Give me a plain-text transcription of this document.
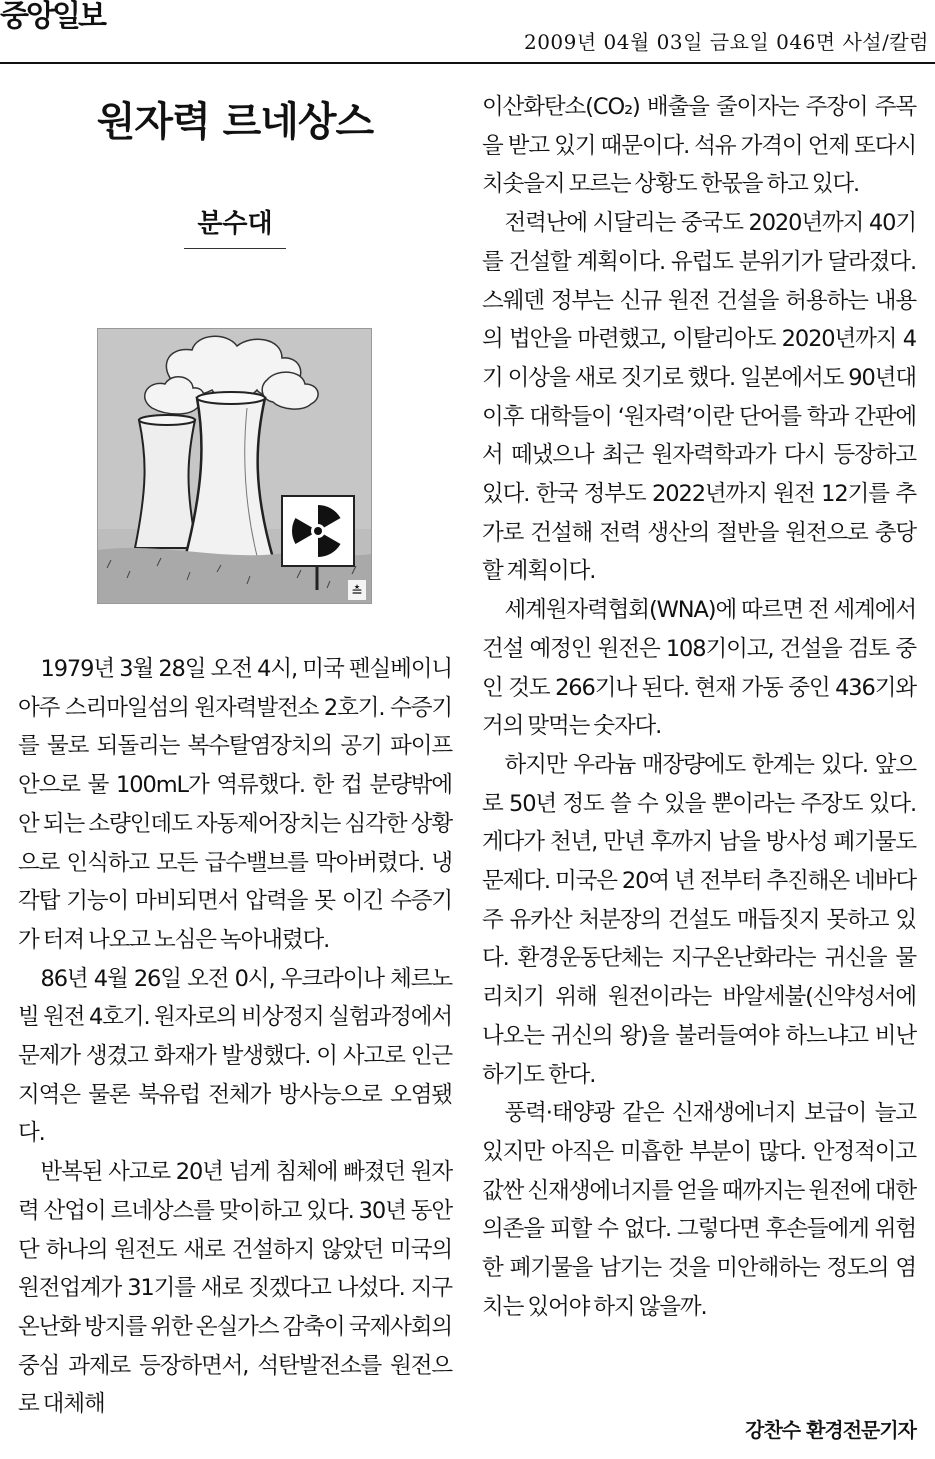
중앙일보
2009년 04월 03일 금요일 046면 사설/칼럼
원자력 르네상스
분수대
≛

1979년 3월 28일 오전 4시, 미국 펜실베이니아주 스리마일섬의 원자력발전소 2호기. 수증기를 물로 되돌리는 복수탈염장치의 공기 파이프 안으로 물 100mL가 역류했다. 한 컵 분량밖에 안 되는 소량인데도 자동제어장치는 심각한 상황으로 인식하고 모든 급수밸브를 막아버렸다. 냉각탑 기능이 마비되면서 압력을 못 이긴 수증기가 터져 나오고 노심은 녹아내렸다.

86년 4월 26일 오전 0시, 우크라이나 체르노빌 원전 4호기. 원자로의 비상정지 실험과정에서 문제가 생겼고 화재가 발생했다. 이 사고로 인근 지역은 물론 북유럽 전체가 방사능으로 오염됐다.

반복된 사고로 20년 넘게 침체에 빠졌던 원자력 산업이 르네상스를 맞이하고 있다. 30년 동안 단 하나의 원전도 새로 건설하지 않았던 미국의 원전업계가 31기를 새로 짓겠다고 나섰다. 지구온난화 방지를 위한 온실가스 감축이 국제사회의 중심 과제로 등장하면서, 석탄발전소를 원전으로 대체해

이산화탄소(CO₂) 배출을 줄이자는 주장이 주목을 받고 있기 때문이다. 석유 가격이 언제 또다시 치솟을지 모르는 상황도 한몫을 하고 있다.

전력난에 시달리는 중국도 2020년까지 40기를 건설할 계획이다. 유럽도 분위기가 달라졌다. 스웨덴 정부는 신규 원전 건설을 허용하는 내용의 법안을 마련했고, 이탈리아도 2020년까지 4기 이상을 새로 짓기로 했다. 일본에서도 90년대 이후 대학들이 ‘원자력’이란 단어를 학과 간판에서 떼냈으나 최근 원자력학과가 다시 등장하고 있다. 한국 정부도 2022년까지 원전 12기를 추가로 건설해 전력 생산의 절반을 원전으로 충당할 계획이다.

세계원자력협회(WNA)에 따르면 전 세계에서 건설 예정인 원전은 108기이고, 건설을 검토 중인 것도 266기나 된다. 현재 가동 중인 436기와 거의 맞먹는 숫자다.

하지만 우라늄 매장량에도 한계는 있다. 앞으로 50년 정도 쓸 수 있을 뿐이라는 주장도 있다. 게다가 천년, 만년 후까지 남을 방사성 폐기물도 문제다. 미국은 20여 년 전부터 추진해온 네바다주 유카산 처분장의 건설도 매듭짓지 못하고 있다. 환경운동단체는 지구온난화라는 귀신을 물리치기 위해 원전이라는 바알세불(신약성서에 나오는 귀신의 왕)을 불러들여야 하느냐고 비난하기도 한다.

풍력·태양광 같은 신재생에너지 보급이 늘고 있지만 아직은 미흡한 부분이 많다. 안정적이고 값싼 신재생에너지를 얻을 때까지는 원전에 대한 의존을 피할 수 없다. 그렇다면 후손들에게 위험한 폐기물을 남기는 것을 미안해하는 정도의 염치는 있어야 하지 않을까.

강찬수 환경전문기자
